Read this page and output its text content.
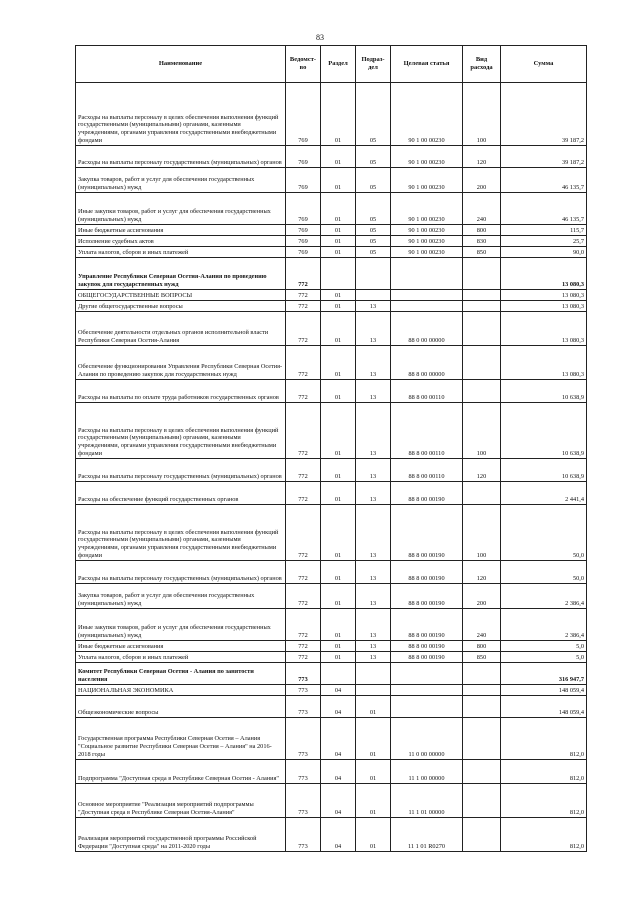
83
Наименование	Ведомст-во	Раздел	Подраз-дел	Целевая статья	Вид расхода	Сумма
Расходы на выплаты персоналу в целях обеспечения выполнения функций государственными (муниципальными) органами, казенными учреждениями, органами управления государственными внебюджетными фондами	769	01	05	90 1 00 00230	100	39 187,2
Расходы на выплаты персоналу государственных (муниципальных) органов	769	01	05	90 1 00 00230	120	39 187,2
Закупка товаров, работ и услуг для обеспечения государственных (муниципальных) нужд	769	01	05	90 1 00 00230	200	46 135,7
Иные закупки товаров, работ и услуг для обеспечения государственных (муниципальных) нужд	769	01	05	90 1 00 00230	240	46 135,7
Иные бюджетные ассигнования	769	01	05	90 1 00 00230	800	115,7
Исполнение судебных актов	769	01	05	90 1 00 00230	830	25,7
Уплата налогов, сборов и иных платежей	769	01	05	90 1 00 00230	850	90,0
Управление Республики Северная Осетия-Алания по проведению закупок для государственных нужд	772					13 080,3
ОБЩЕГОСУДАРСТВЕННЫЕ ВОПРОСЫ	772	01				13 080,3
Другие общегосударственные вопросы	772	01	13			13 080,3
Обеспечение деятельности отдельных органов исполнительной власти Республики Северная Осетия-Алания	772	01	13	88 0 00 00000		13 080,3
Обеспечение функционирования Управления Республики Северная Осетия-Алания по проведению закупок для государственных нужд	772	01	13	88 8 00 00000		13 080,3
Расходы на выплаты по оплате труда работников государственных органов	772	01	13	88 8 00 00110		10 638,9
Расходы на выплаты персоналу в целях обеспечения выполнения функций государственными (муниципальными) органами, казенными учреждениями, органами управления государственными внебюджетными фондами	772	01	13	88 8 00 00110	100	10 638,9
Расходы на выплаты персоналу государственных (муниципальных) органов	772	01	13	88 8 00 00110	120	10 638,9
Расходы на обеспечение функций государственных органов	772	01	13	88 8 00 00190		2 441,4
Расходы на выплаты персоналу в целях обеспечения выполнения функций государственными (муниципальными) органами, казенными учреждениями, органами управления государственными внебюджетными фондами	772	01	13	88 8 00 00190	100	50,0
Расходы на выплаты персоналу государственных (муниципальных) органов	772	01	13	88 8 00 00190	120	50,0
Закупка товаров, работ и услуг для обеспечения государственных (муниципальных) нужд	772	01	13	88 8 00 00190	200	2 386,4
Иные закупки товаров, работ и услуг для обеспечения государственных (муниципальных) нужд	772	01	13	88 8 00 00190	240	2 386,4
Иные бюджетные ассигнования	772	01	13	88 8 00 00190	800	5,0
Уплата налогов, сборов и иных платежей	772	01	13	88 8 00 00190	850	5,0
Комитет Республики Северная Осетия - Алания по занятости населения	773					316 947,7
НАЦИОНАЛЬНАЯ ЭКОНОМИКА	773	04				148 059,4
Общеэкономические вопросы	773	04	01			148 059,4
Государственная программа Республики Северная Осетия – Алания "Социальное развитие Республики Северная Осетия – Алания" на 2016-2018 годы	773	04	01	11 0 00 00000		812,0
Подпрограмма "Доступная среда в Республике Северная Осетия - Алания"	773	04	01	11 1 00 00000		812,0
Основное мероприятие "Реализация мероприятий подпрограммы "Доступная среда в Республике Северная Осетия-Алания"	773	04	01	11 1 01 00000		812,0
Реализация мероприятий государственной программы Российской Федерации "Доступная среда" на 2011-2020 годы	773	04	01	11 1 01 R0270		812,0
